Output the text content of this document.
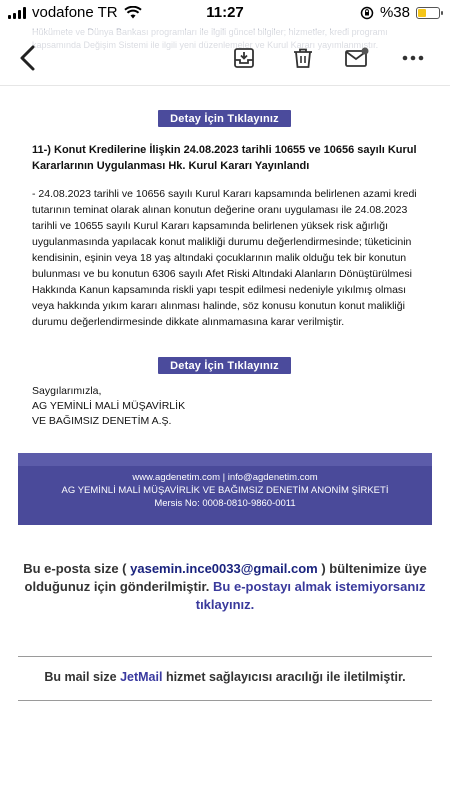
vodafone TR	11:27	%38
Detay İçin Tıklayınız
11-) Konut Kredilerine İlişkin 24.08.2023 tarihli 10655 ve 10656 sayılı Kurul Kararlarının Uygulanması Hk. Kurul Kararı Yayınlandı
- 24.08.2023 tarihli ve 10656 sayılı Kurul Kararı kapsamında belirlenen azami kredi tutarının teminat olarak alınan konutun değerine oranı uygulaması ile 24.08.2023 tarihli ve 10655 sayılı Kurul Kararı kapsamında belirlenen yüksek risk ağırlığı uygulanmasında yapılacak konut malikliği durumu değerlendirmesinde; tüketicinin kendisinin, eşinin veya 18 yaş altındaki çocuklarının malik olduğu tek bir konutun bulunması ve bu konutun 6306 sayılı Afet Riski Altındaki Alanların Dönüştürülmesi Hakkında Kanun kapsamında riskli yapı tespit edilmesi nedeniyle yıkılmış olması veya hakkında yıkım kararı alınması halinde, söz konusu konutun konut malikliği durumu değerlendirmesinde dikkate alınmamasına karar verilmiştir.
Detay İçin Tıklayınız
Saygılarımızla,
AG YEMİNLİ MALİ MÜŞAVİRLİK
VE BAĞIMSIZ DENETİM A.Ş.
www.agdenetim.com | info@agdenetim.com
AG YEMİNLİ MALİ MÜŞAVİRLİK VE BAĞIMSIZ DENETİM ANONİM ŞİRKETİ
Mersis No: 0008-0810-9860-0011
Bu e-posta size ( yasemin.ince0033@gmail.com ) bültenimize üye olduğunuz için gönderilmiştir. Bu e-postayı almak istemiyorsanız tıklayınız.
Bu mail size JetMail hizmet sağlayıcısı aracılığı ile iletilmiştir.
